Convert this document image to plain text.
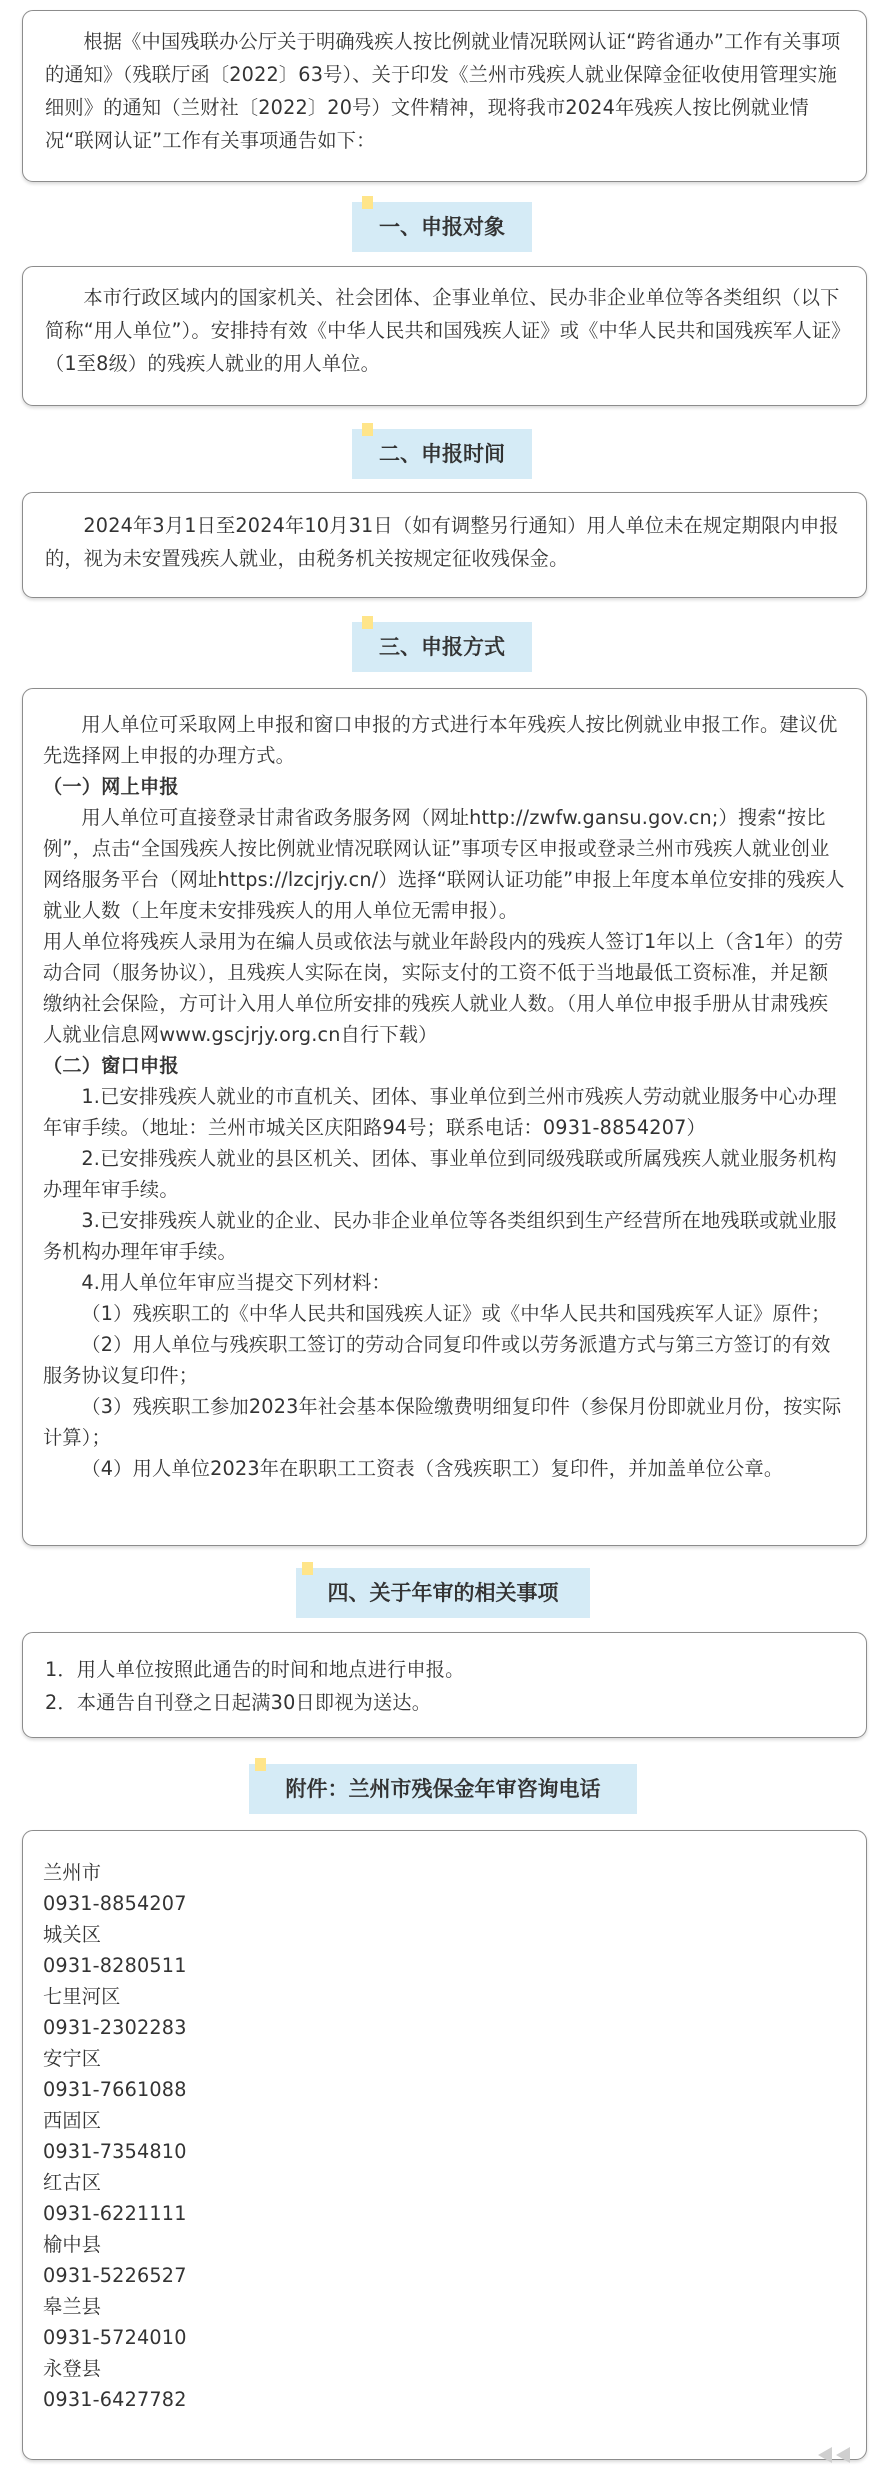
根据《中国残联办公厅关于明确残疾人按比例就业情况联网认证“跨省通办”工作有关事项的通知》（残联厅函〔2022〕63号）、关于印发《兰州市残疾人就业保障金征收使用管理实施细则》的通知（兰财社〔2022〕20号）文件精神，现将我市2024年残疾人按比例就业情况“联网认证”工作有关事项通告如下：

一、申报对象

本市行政区域内的国家机关、社会团体、企事业单位、民办非企业单位等各类组织（以下简称“用人单位”）。安排持有效《中华人民共和国残疾人证》或《中华人民共和国残疾军人证》（1至8级）的残疾人就业的用人单位。

二、申报时间

2024年3月1日至2024年10月31日（如有调整另行通知）用人单位未在规定期限内申报的，视为未安置残疾人就业，由税务机关按规定征收残保金。

三、申报方式

用人单位可采取网上申报和窗口申报的方式进行本年残疾人按比例就业申报工作。建议优先选择网上申报的办理方式。

（一）网上申报

用人单位可直接登录甘肃省政务服务网（网址http://zwfw.gansu.gov.cn;）搜索“按比例”，点击“全国残疾人按比例就业情况联网认证”事项专区申报或登录兰州市残疾人就业创业网络服务平台（网址https://lzcjrjy.cn/）选择“联网认证功能”申报上年度本单位安排的残疾人就业人数（上年度未安排残疾人的用人单位无需申报）。

用人单位将残疾人录用为在编人员或依法与就业年龄段内的残疾人签订1年以上（含1年）的劳动合同（服务协议），且残疾人实际在岗，实际支付的工资不低于当地最低工资标准，并足额缴纳社会保险，方可计入用人单位所安排的残疾人就业人数。（用人单位申报手册从甘肃残疾人就业信息网www.gscjrjy.org.cn自行下载）

（二）窗口申报

1.已安排残疾人就业的市直机关、团体、事业单位到兰州市残疾人劳动就业服务中心办理年审手续。（地址：兰州市城关区庆阳路94号；联系电话：0931-8854207）

2.已安排残疾人就业的县区机关、团体、事业单位到同级残联或所属残疾人就业服务机构办理年审手续。

3.已安排残疾人就业的企业、民办非企业单位等各类组织到生产经营所在地残联或就业服务机构办理年审手续。

4.用人单位年审应当提交下列材料：

（1）残疾职工的《中华人民共和国残疾人证》或《中华人民共和国残疾军人证》原件；

（2）用人单位与残疾职工签订的劳动合同复印件或以劳务派遣方式与第三方签订的有效服务协议复印件；

（3）残疾职工参加2023年社会基本保险缴费明细复印件（参保月份即就业月份，按实际计算）；

（4）用人单位2023年在职职工工资表（含残疾职工）复印件，并加盖单位公章。

四、关于年审的相关事项

1．用人单位按照此通告的时间和地点进行申报。

2．本通告自刊登之日起满30日即视为送达。

附件：兰州市残保金年审咨询电话

兰州市

0931-8854207

城关区

0931-8280511

七里河区

0931-2302283

安宁区

0931-7661088

西固区

0931-7354810

红古区

0931-6221111

榆中县

0931-5226527

皋兰县

0931-5724010

永登县

0931-6427782
